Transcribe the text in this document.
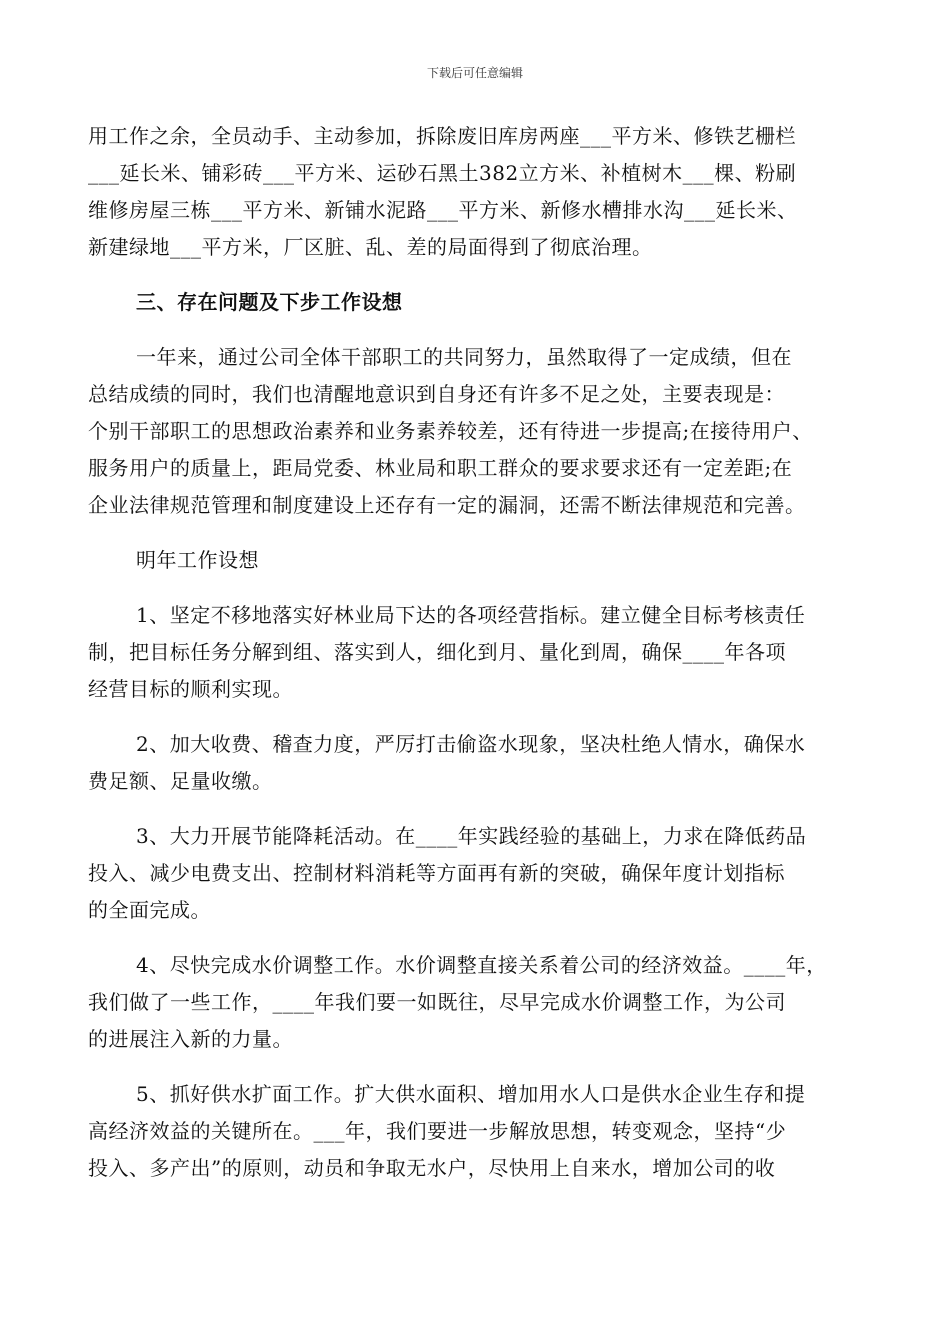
下载后可任意编辑
用工作之余，全员动手、主动参加，拆除废旧库房两座___平方米、修铁艺栅栏
___延长米、铺彩砖___平方米、运砂石黑土382立方米、补植树木___棵、粉刷
维修房屋三栋___平方米、新铺水泥路___平方米、新修水槽排水沟___延长米、
新建绿地___平方米，厂区脏、乱、差的局面得到了彻底治理。
三、存在问题及下步工作设想
一年来，通过公司全体干部职工的共同努力，虽然取得了一定成绩，但在
总结成绩的同时，我们也清醒地意识到自身还有许多不足之处，主要表现是：
个别干部职工的思想政治素养和业务素养较差，还有待进一步提高;在接待用户、
服务用户的质量上，距局党委、林业局和职工群众的要求要求还有一定差距;在
企业法律规范管理和制度建设上还存有一定的漏洞，还需不断法律规范和完善。
明年工作设想
1、坚定不移地落实好林业局下达的各项经营指标。建立健全目标考核责任
制，把目标任务分解到组、落实到人，细化到月、量化到周，确保____年各项
经营目标的顺利实现。
2、加大收费、稽查力度，严厉打击偷盗水现象，坚决杜绝人情水，确保水
费足额、足量收缴。
3、大力开展节能降耗活动。在____年实践经验的基础上，力求在降低药品
投入、减少电费支出、控制材料消耗等方面再有新的突破，确保年度计划指标
的全面完成。
4、尽快完成水价调整工作。水价调整直接关系着公司的经济效益。____年，
我们做了一些工作，____年我们要一如既往，尽早完成水价调整工作，为公司
的进展注入新的力量。
5、抓好供水扩面工作。扩大供水面积、增加用水人口是供水企业生存和提
高经济效益的关键所在。___年，我们要进一步解放思想，转变观念，坚持“少
投入、多产出”的原则，动员和争取无水户，尽快用上自来水，增加公司的收
